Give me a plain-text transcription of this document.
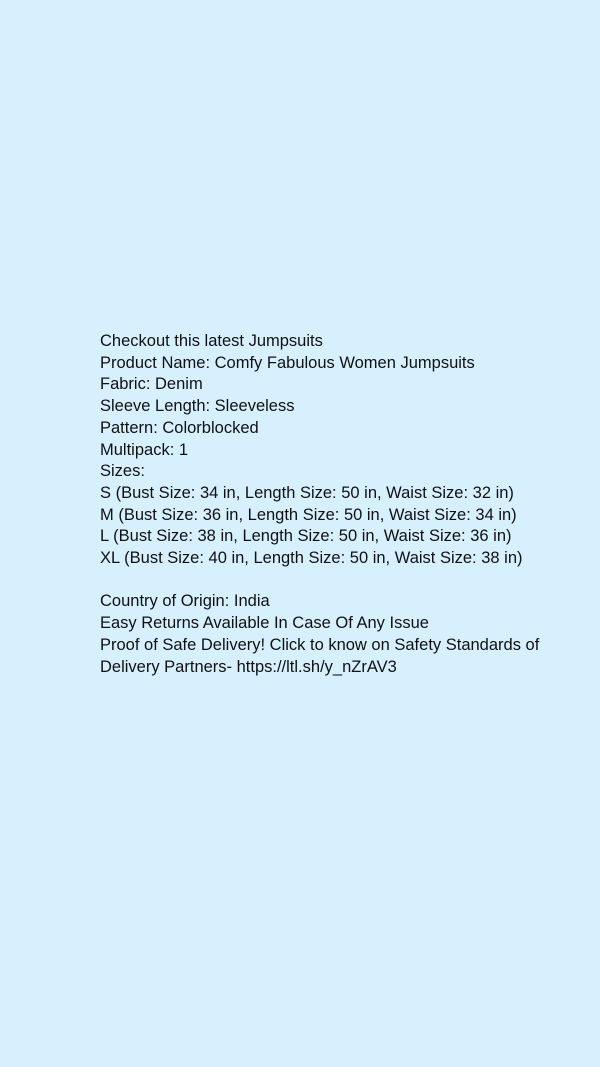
Checkout this latest Jumpsuits
Product Name: Comfy Fabulous Women Jumpsuits
Fabric: Denim
Sleeve Length: Sleeveless
Pattern: Colorblocked
Multipack: 1
Sizes:
S (Bust Size: 34 in, Length Size: 50 in, Waist Size: 32 in)
M (Bust Size: 36 in, Length Size: 50 in, Waist Size: 34 in)
L (Bust Size: 38 in, Length Size: 50 in, Waist Size: 36 in)
XL (Bust Size: 40 in, Length Size: 50 in, Waist Size: 38 in)
Country of Origin: India
Easy Returns Available In Case Of Any Issue
Proof of Safe Delivery! Click to know on Safety Standards of Delivery Partners- https://ltl.sh/y_nZrAV3
